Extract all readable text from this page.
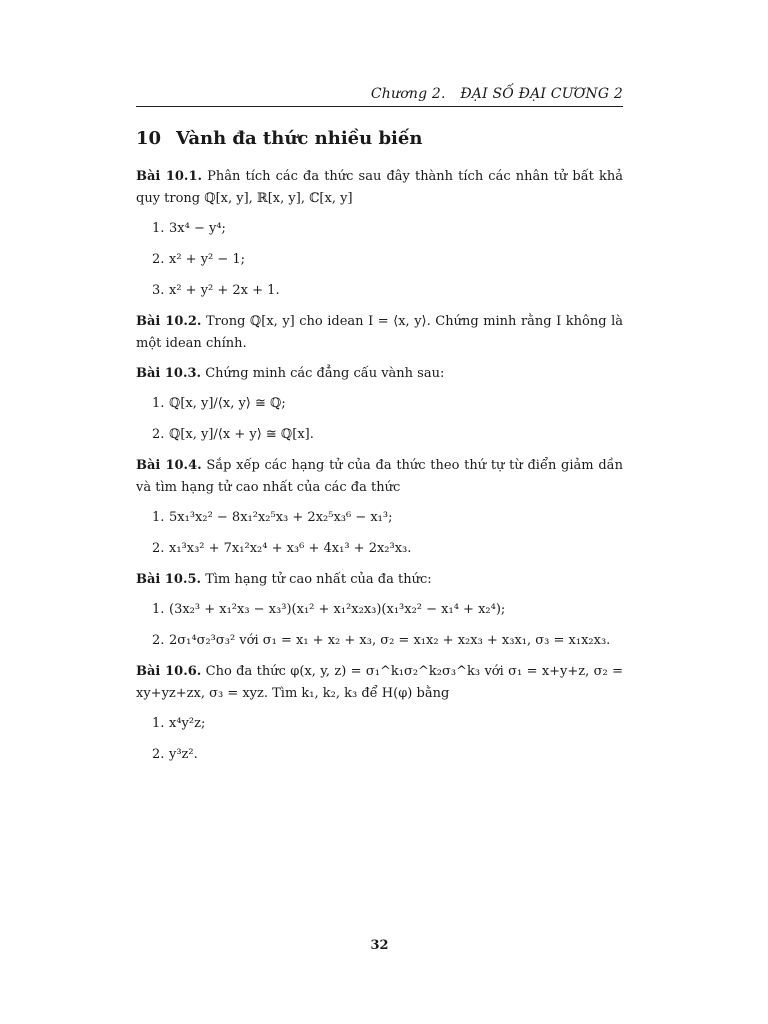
Chương 2. ĐẠI SỐ ĐẠI CƯƠNG 2
10 Vành đa thức nhiều biến

Bài 10.1. Phân tích các đa thức sau đây thành tích các nhân tử bất khả quy trong ℚ[x, y], ℝ[x, y], ℂ[x, y]

1. 3x⁴ − y⁴;
2. x² + y² − 1;
3. x² + y² + 2x + 1.

Bài 10.2. Trong ℚ[x, y] cho idean I = ⟨x, y⟩. Chứng minh rằng I không là một idean chính.

Bài 10.3. Chứng minh các đẳng cấu vành sau:

1. ℚ[x, y]/⟨x, y⟩ ≅ ℚ;
2. ℚ[x, y]/⟨x + y⟩ ≅ ℚ[x].

Bài 10.4. Sắp xếp các hạng tử của đa thức theo thứ tự từ điển giảm dần và tìm hạng tử cao nhất của các đa thức

1. 5x₁³x₂² − 8x₁²x₂⁵x₃ + 2x₂⁵x₃⁶ − x₁³;
2. x₁³x₃² + 7x₁²x₂⁴ + x₃⁶ + 4x₁³ + 2x₂³x₃.

Bài 10.5. Tìm hạng tử cao nhất của đa thức:

1. (3x₂³ + x₁²x₃ − x₃³)(x₁² + x₁²x₂x₃)(x₁³x₂² − x₁⁴ + x₂⁴);
2. 2σ₁⁴σ₂³σ₃² với σ₁ = x₁ + x₂ + x₃, σ₂ = x₁x₂ + x₂x₃ + x₃x₁, σ₃ = x₁x₂x₃.

Bài 10.6. Cho đa thức φ(x, y, z) = σ₁^k₁σ₂^k₂σ₃^k₃ với σ₁ = x+y+z, σ₂ = xy+yz+zx, σ₃ = xyz. Tìm k₁, k₂, k₃ để H(φ) bằng

1. x⁴y²z;
2. y³z².
32
